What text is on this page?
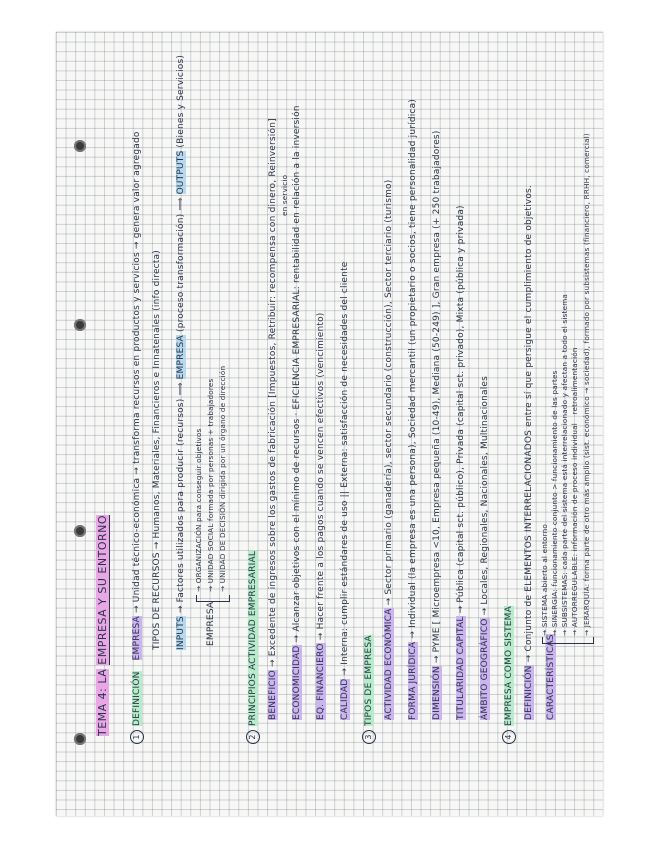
TEMA 4: LA EMPRESA Y SU ENTORNO
1DEFINICIÓN EMPRESA → Unidad técnico-económica → transforma recursos en productos y servicios → genera valor agregado TIPOS DE RECURSOS → Humanos, Materiales, Financieros e Innatenales (info directa) INPUTS → Factores utilizados para producir (recursos) ⟹ EMPRESA (proceso transformación) ⟹ OUTPUTS (Bienes y Servicios)
EMPRESA
→ ORGANIZACIÓN para conseguir objetivos → UNIDAD SOCIAL formada por personas + trabajadores → UNIDAD DE DECISIÓN dirigida por un órgano de dirección
2PRINCIPIOS ACTIVIDAD EMPRESARIAL BENEFICIO → Excedente de ingresos sobre los gastos de fabricación [Impuestos, Retribuir: recompensa con dinero, Reinversión] en servicio
ECONOMICIDAD → Alcanzar objetivos con el mínimo de recursos · EFICIENCIA EMPRESARIAL: rentabilidad en relación a la inversión
EQ. FINANCIERO → Hacer frente a los pagos cuando se vencen efectivos (vencimiento)
CALIDAD → Interna: cumplir estándares de uso || Externa: satisfacción de necesidades del cliente
3TIPOS DE EMPRESA ACTIVIDAD ECONÓMICA → Sector primario (ganadería), sector secundario (construcción), Sector terciario (turismo)
FORMA JURÍDICA → Individual (la empresa es una persona), Sociedad mercantil (un propietario o socios, tiene personalidad jurídica)
DIMENSIÓN → PYME [ Microempresa <10, Empresa pequeña (10-49), Mediana (50-249) ], Gran empresa (+ 250 trabajadores)
TITULARIDAD CAPITAL → Pública (capital sct. público), Privada (capital sct. privado), Mixta (pública y privada)
ÁMBITO GEOGRÁFICO → Locales, Regionales, Nacionales, Multinacionales
4EMPRESA COMO SISTEMA DEFINICIÓN → Conjunto de ELEMENTOS INTERRELACIONADOS entre sí que persigue el cumplimiento de objetivos.
CARACTERÍSTICAS
→ SISTEMA abierto al entorno → SINERGIA: funcionamiento conjunto > funcionamiento de las partes → SUBSISTEMAS: cada parte del sistema está interrelacionado y afectan a todo el sistema → AUTORREGULABLE: información de proceso individual retroalimentación → JERARQUÍA: forma parte de otro más amplio (sist. económico → sociedad), formado por subsistemas (financiero, RRHH, comercial)
